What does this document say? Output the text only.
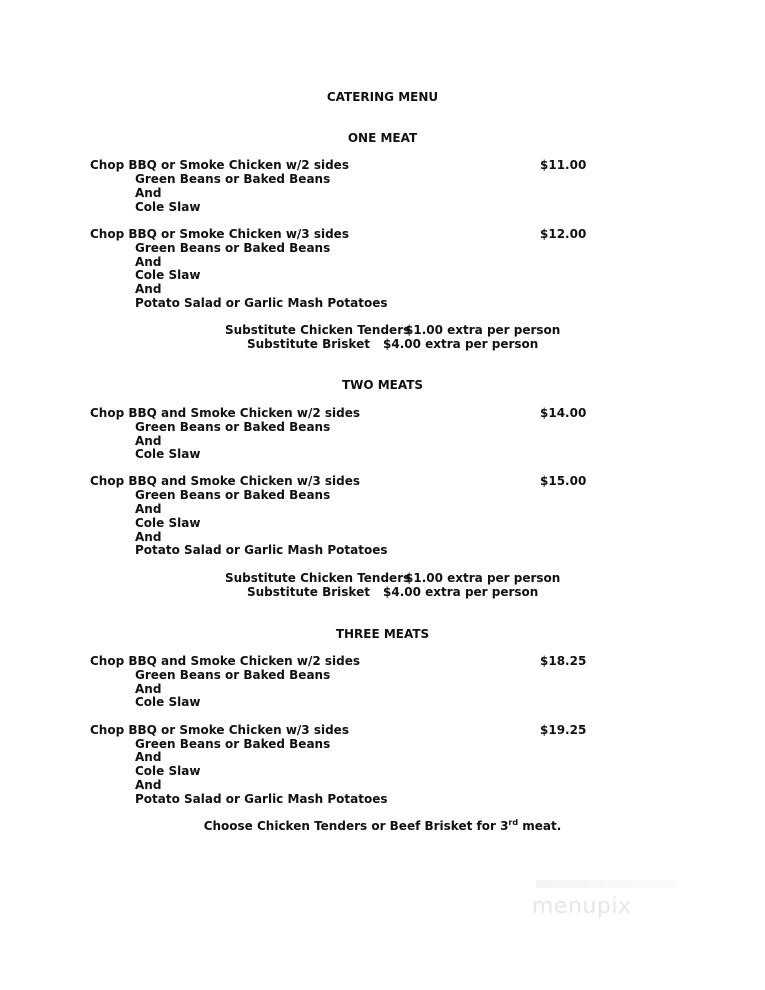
CATERING MENU
ONE MEAT
Chop BBQ or Smoke Chicken w/2 sides	$11.00
Green Beans or Baked Beans
And
Cole Slaw
Chop BBQ or Smoke Chicken w/3 sides	$12.00
Green Beans or Baked Beans
And
Cole Slaw
And
Potato Salad or Garlic Mash Potatoes
Substitute Chicken Tenders
$1.00 extra per person
Substitute Brisket $4.00 extra per person
TWO MEATS
Chop BBQ and Smoke Chicken w/2 sides	$14.00
Green Beans or Baked Beans
And
Cole Slaw
Chop BBQ and Smoke Chicken w/3 sides	$15.00
Green Beans or Baked Beans
And
Cole Slaw
And
Potato Salad or Garlic Mash Potatoes
Substitute Chicken Tenders
$1.00 extra per person
Substitute Brisket $4.00 extra per person
THREE MEATS
Chop BBQ and Smoke Chicken w/2 sides	$18.25
Green Beans or Baked Beans
And
Cole Slaw
Chop BBQ or Smoke Chicken w/3 sides	$19.25
Green Beans or Baked Beans
And
Cole Slaw
And
Potato Salad or Garlic Mash Potatoes
Choose Chicken Tenders or Beef Brisket for 3rd meat.
menupix
